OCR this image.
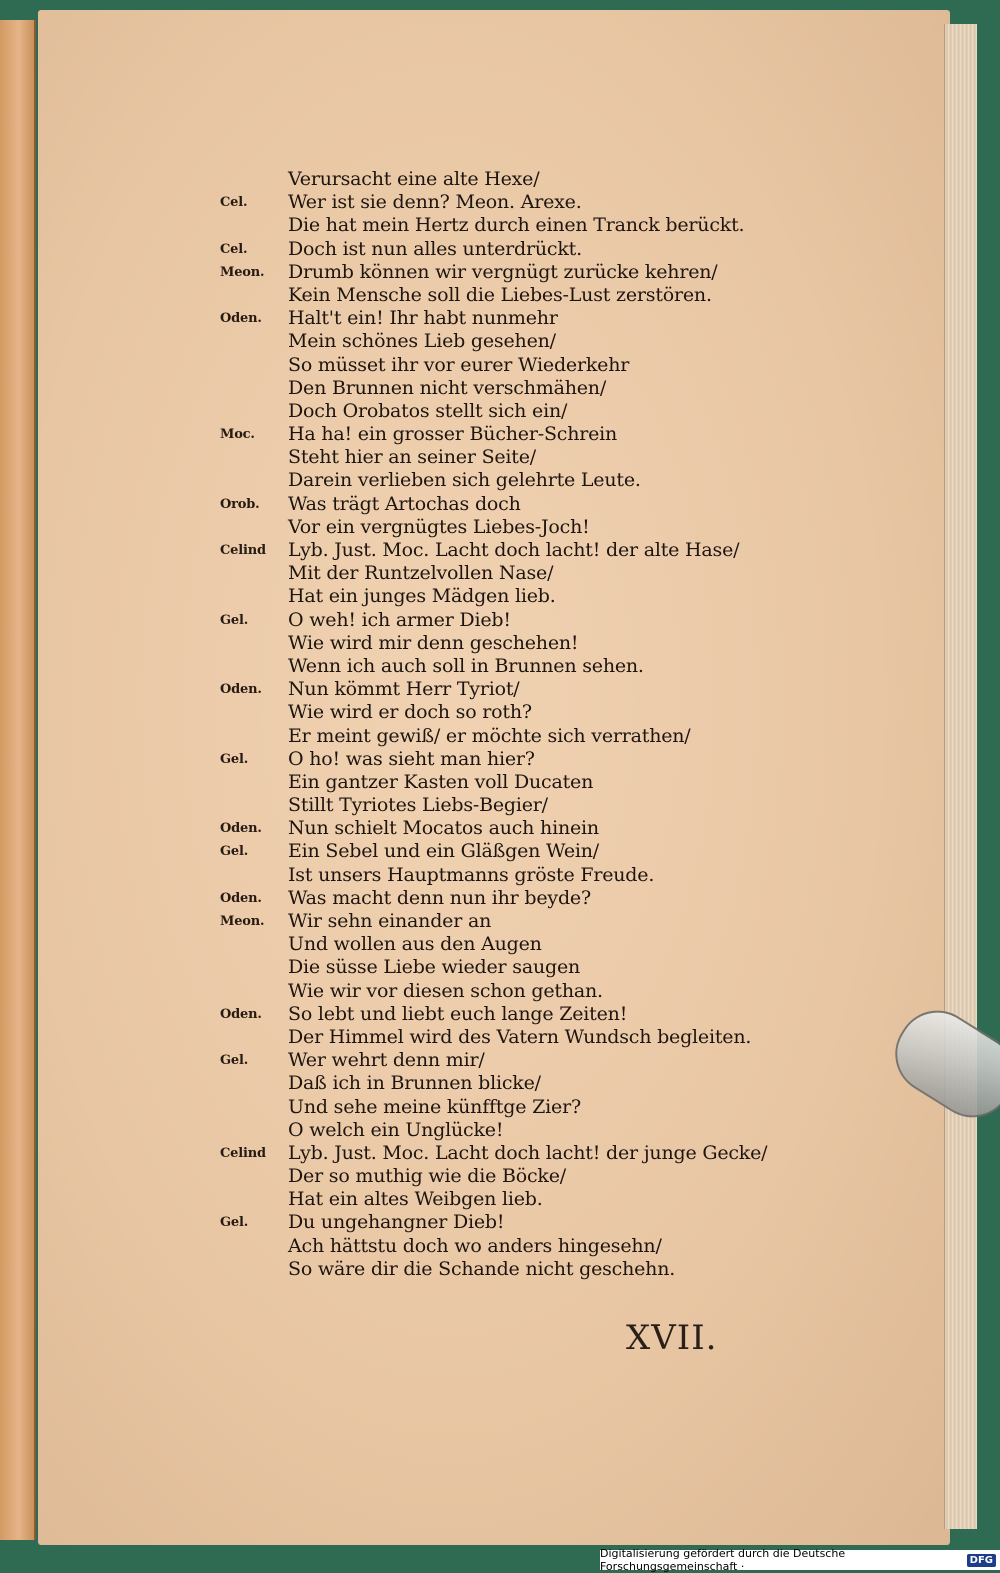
Verursacht eine alte Hexe/
Cel.	Wer ist sie denn? Meon. Arexe.
Die hat mein Hertz durch einen Tranck berückt.
Cel.	Doch ist nun alles unterdrückt.
Meon.	Drumb können wir vergnügt zurücke kehren/
Kein Mensche soll die Liebes-Lust zerstören.
Oden.	Halt't ein! Ihr habt nunmehr
Mein schönes Lieb gesehen/
So müsset ihr vor eurer Wiederkehr
Den Brunnen nicht verschmähen/
Doch Orobatos stellt sich ein/
Moc.	Ha ha! ein grosser Bücher-Schrein
Steht hier an seiner Seite/
Darein verlieben sich gelehrte Leute.
Orob.	Was trägt Artochas doch
Vor ein vergnügtes Liebes-Joch!
Celind	Lyb. Just. Moc. Lacht doch lacht! der alte Hase/
Mit der Runtzelvollen Nase/
Hat ein junges Mädgen lieb.
Gel.	O weh! ich armer Dieb!
Wie wird mir denn geschehen!
Wenn ich auch soll in Brunnen sehen.
Oden.	Nun kömmt Herr Tyriot/
Wie wird er doch so roth?
Er meint gewiß/ er möchte sich verrathen/
Gel.	O ho! was sieht man hier?
Ein gantzer Kasten voll Ducaten
Stillt Tyriotes Liebs-Begier/
Oden.	Nun schielt Mocatos auch hinein
Gel.	Ein Sebel und ein Gläßgen Wein/
Ist unsers Hauptmanns gröste Freude.
Oden.	Was macht denn nun ihr beyde?
Meon.	Wir sehn einander an
Und wollen aus den Augen
Die süsse Liebe wieder saugen
Wie wir vor diesen schon gethan.
Oden.	So lebt und liebt euch lange Zeiten!
Der Himmel wird des Vatern Wundsch begleiten.
Gel.	Wer wehrt denn mir/
Daß ich in Brunnen blicke/
Und sehe meine künfftge Zier?
O welch ein Unglücke!
Celind	Lyb. Just. Moc. Lacht doch lacht! der junge Gecke/
Der so muthig wie die Böcke/
Hat ein altes Weibgen lieb.
Gel.	Du ungehangner Dieb!
Ach hättstu doch wo anders hingesehn/
So wäre dir die Schande nicht geschehn.
XVII.
Digitalisierung gefördert durch die Deutsche Forschungsgemeinschaft ·	DFG
